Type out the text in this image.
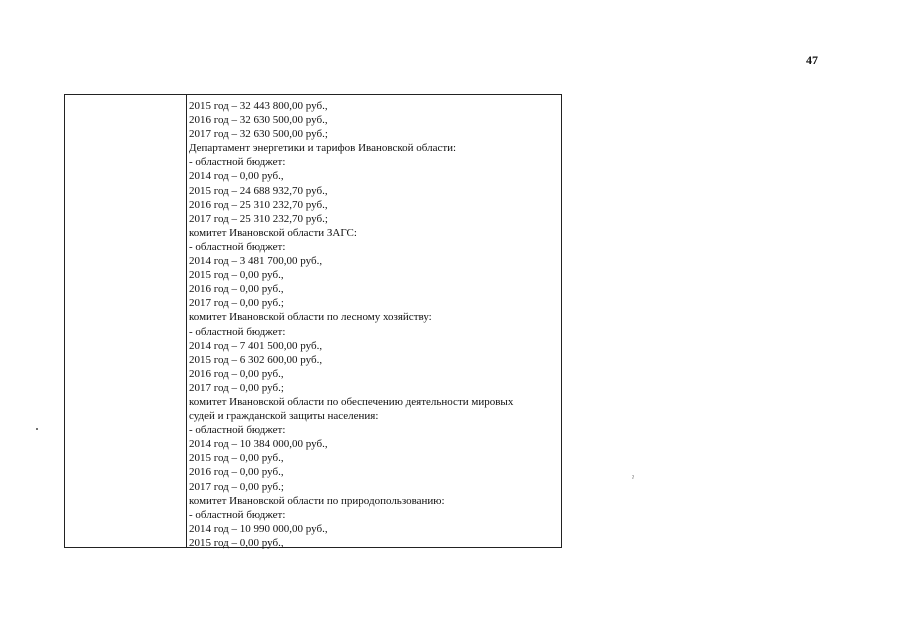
47
2015 год – 32 443 800,00 руб.,
2016 год – 32 630 500,00 руб.,
2017 год – 32 630 500,00 руб.;
Департамент энергетики и тарифов Ивановской области:
- областной бюджет:
2014 год – 0,00 руб.,
2015 год – 24 688 932,70 руб.,
2016 год – 25 310 232,70 руб.,
2017 год – 25 310 232,70 руб.;
комитет Ивановской области ЗАГС:
- областной бюджет:
2014 год – 3 481 700,00 руб.,
2015 год – 0,00 руб.,
2016 год – 0,00 руб.,
2017 год – 0,00 руб.;
комитет Ивановской области по лесному хозяйству:
- областной бюджет:
2014 год – 7 401 500,00 руб.,
2015 год – 6 302 600,00 руб.,
2016 год – 0,00 руб.,
2017 год – 0,00 руб.;
комитет Ивановской области по обеспечению деятельности мировых
судей и гражданской защиты населения:
- областной бюджет:
2014 год – 10 384 000,00 руб.,
2015 год – 0,00 руб.,
2016 год – 0,00 руб.,
2017 год – 0,00 руб.;
комитет Ивановской области по природопользованию:
- областной бюджет:
2014 год – 10 990 000,00 руб.,
2015 год – 0,00 руб.,
ˀ
